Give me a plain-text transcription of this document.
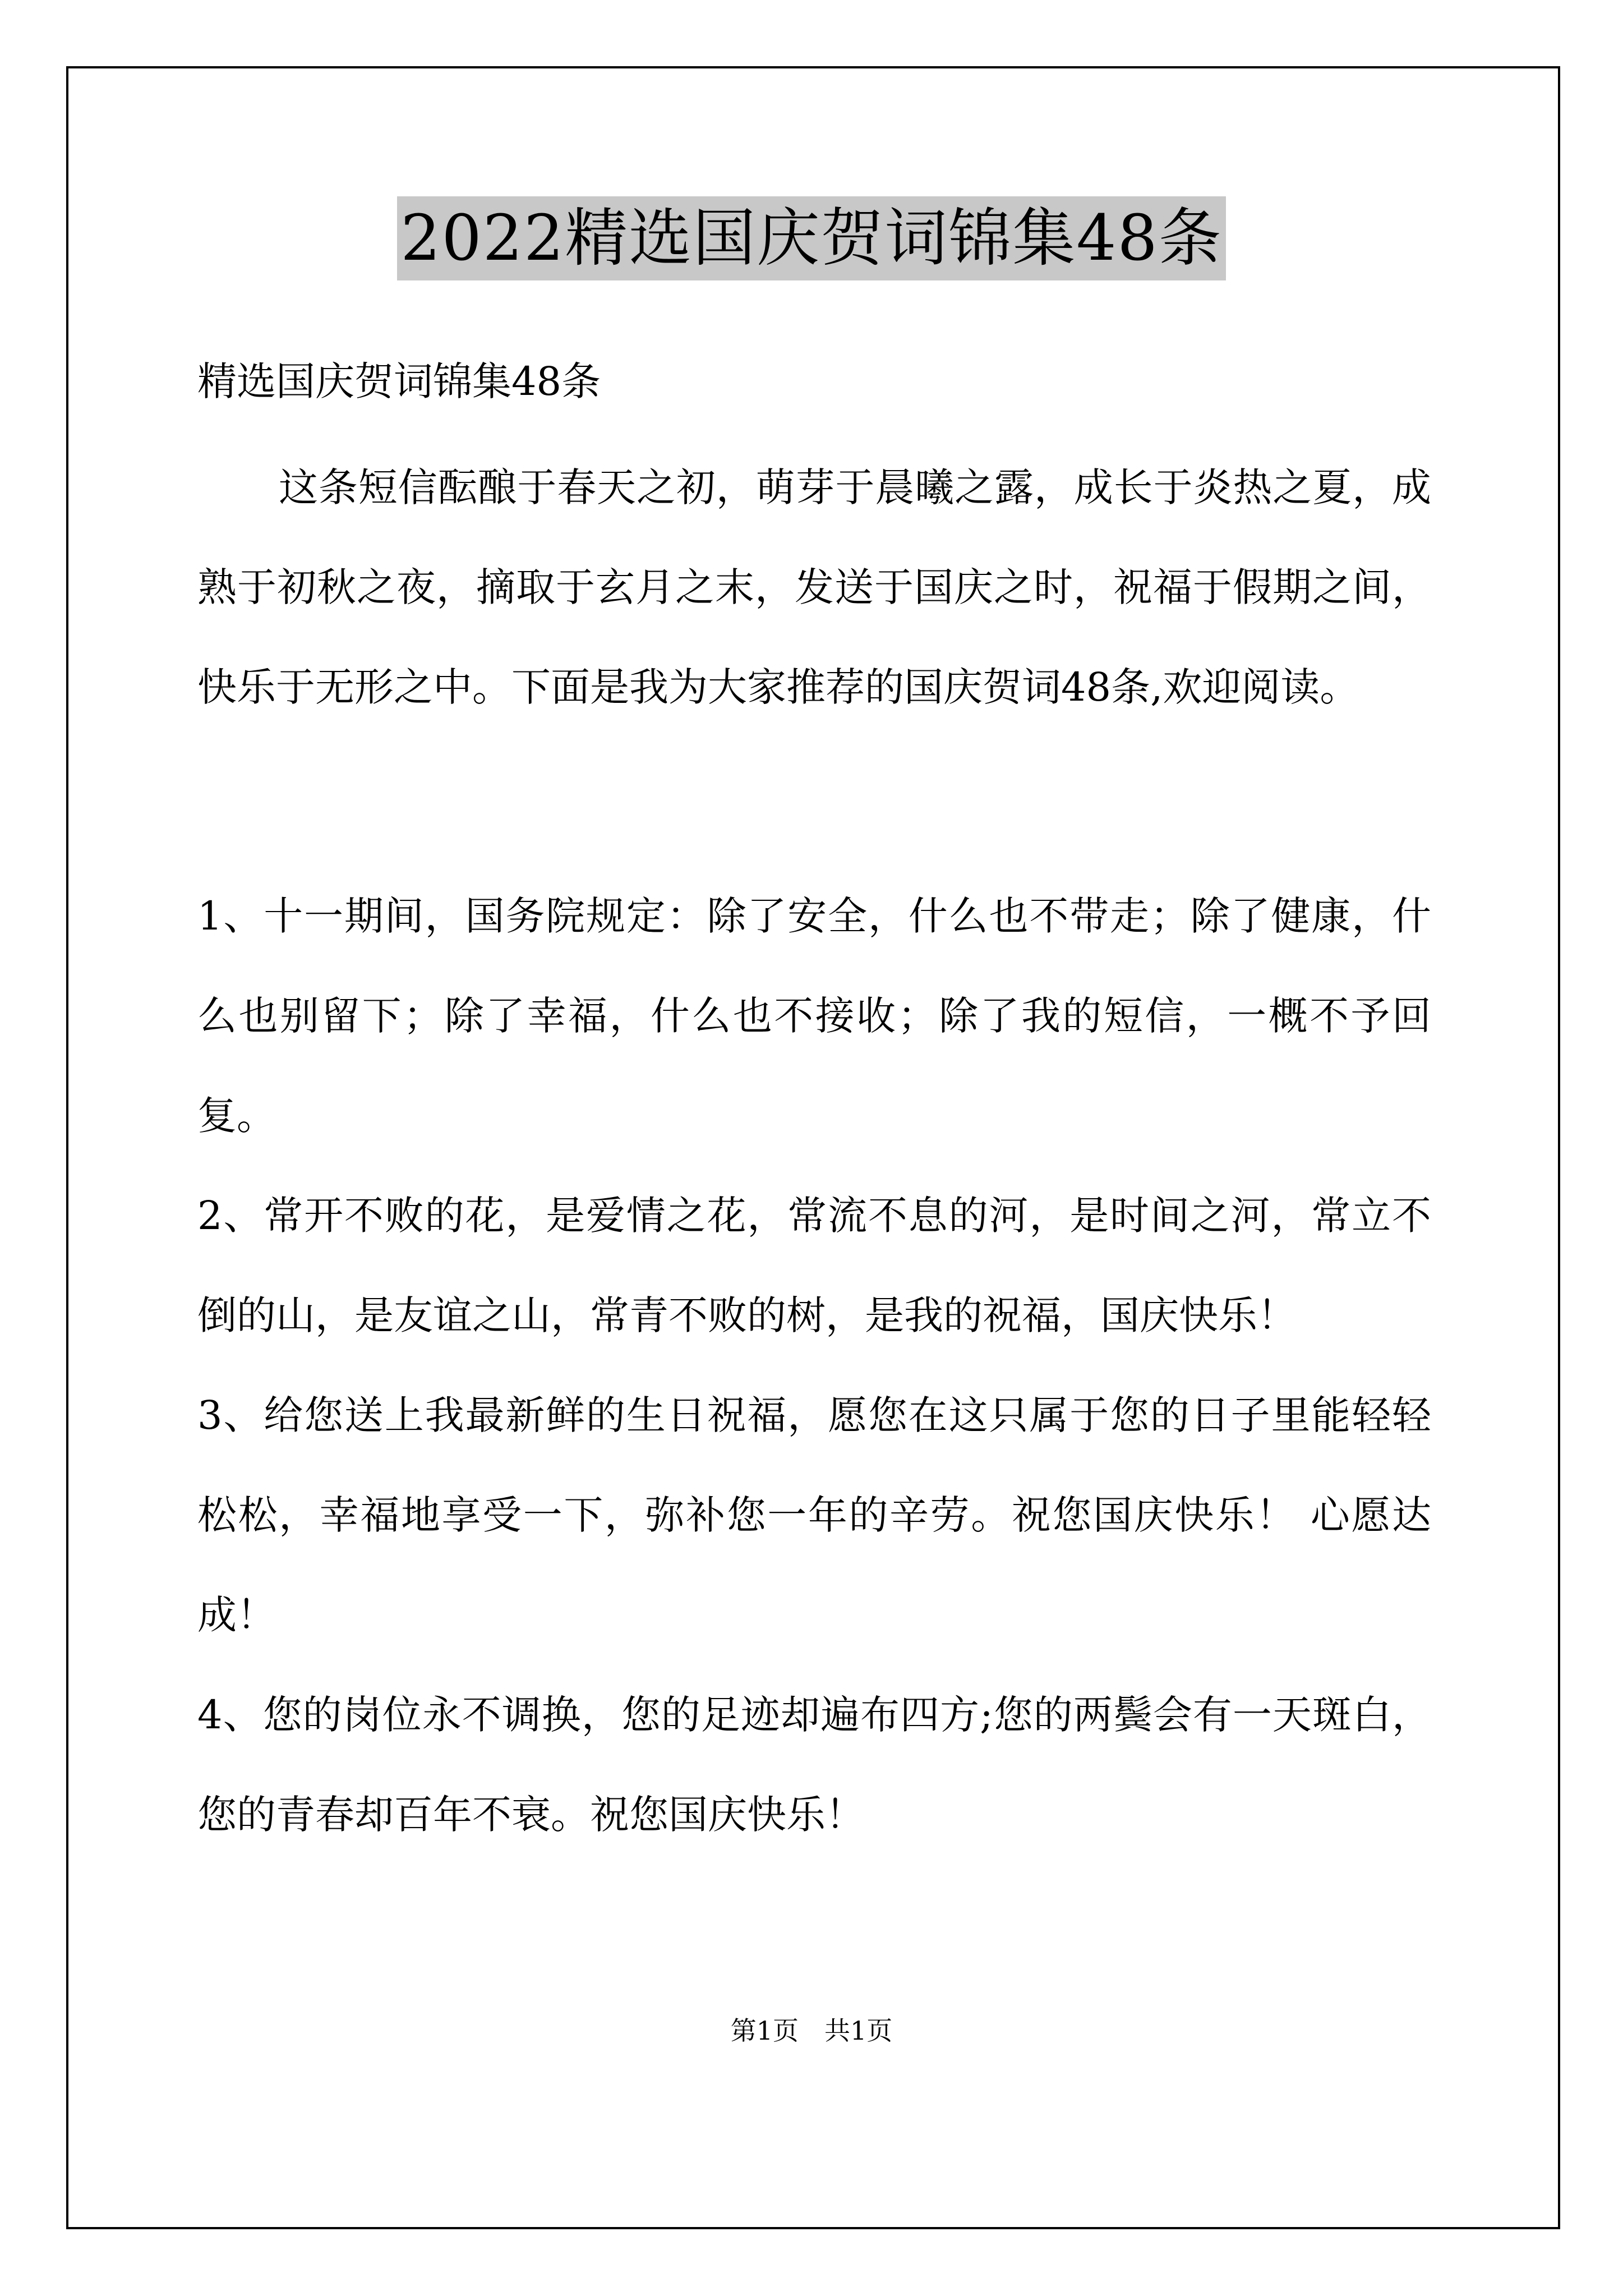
2022精选国庆贺词锦集48条

精选国庆贺词锦集48条

这条短信酝酿于春天之初，萌芽于晨曦之露，成长于炎热之夏，成熟于初秋之夜，摘取于玄月之末，发送于国庆之时，祝福于假期之间，快乐于无形之中。下面是我为大家推荐的国庆贺词48条,欢迎阅读。

1、十一期间，国务院规定：除了安全，什么也不带走；除了健康，什么也别留下；除了幸福，什么也不接收；除了我的短信，一概不予回复。

2、常开不败的花，是爱情之花，常流不息的河，是时间之河，常立不倒的山，是友谊之山，常青不败的树，是我的祝福，国庆快乐！

3、给您送上我最新鲜的生日祝福，愿您在这只属于您的日子里能轻轻松松，幸福地享受一下，弥补您一年的辛劳。祝您国庆快乐！ 心愿达成！

4、您的岗位永不调换，您的足迹却遍布四方;您的两鬓会有一天斑白，您的青春却百年不衰。祝您国庆快乐！

第1页　共1页
